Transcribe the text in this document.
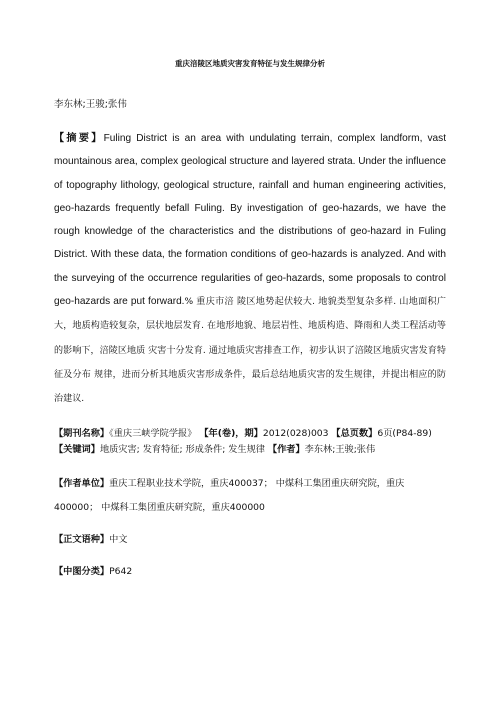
重庆涪陵区地质灾害发育特征与发生规律分析
李东林;王骏;张伟
【摘要】Fuling District is an area with undulating terrain, complex landform, vast mountainous area, complex geological structure and layered strata. Under the influence of topography lithology, geological structure, rainfall and human engineering activities, geo-hazards frequently befall Fuling. By investigation of geo-hazards, we have the rough knowledge of the characteristics and the distributions of geo-hazard in Fuling District. With these data, the formation conditions of geo-hazards is analyzed. And with the surveying of the occurrence regularities of geo-hazards, some proposals to control geo-hazards are put forward.% 重庆市涪 陵区地势起伏较大. 地貌类型复杂多样. 山地面积广大，地质构造较复杂，层状地层发育. 在地形地貌、地层岩性、地质构造、降雨和人类工程活动等的影响下，涪陵区地质 灾害十分发育. 通过地质灾害排查工作，初步认识了涪陵区地质灾害发育特征及分布 规律，进而分析其地质灾害形成条件，最后总结地质灾害的发生规律，并提出相应的防 治建议.
【期刊名称】《重庆三峡学院学报》 【年(卷)，期】2012(028)003 【总页数】6页(P84-89) 【关键词】地质灾害; 发育特征; 形成条件; 发生规律 【作者】李东林;王骏;张伟
【作者单位】重庆工程职业技术学院，重庆400037； 中煤科工集团重庆研究院，重庆400000； 中煤科工集团重庆研究院，重庆400000
【正文语种】中文
【中图分类】P642
